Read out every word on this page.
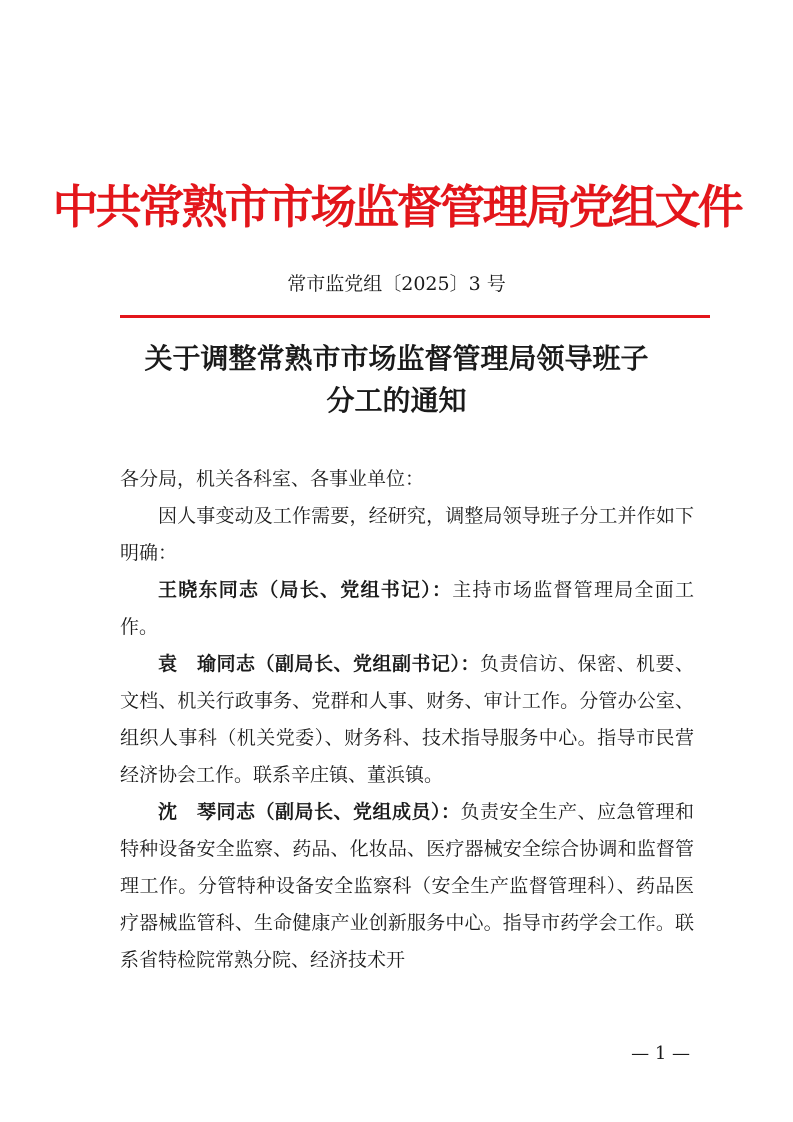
中共常熟市市场监督管理局党组文件
常市监党组〔2025〕3 号
关于调整常熟市市场监督管理局领导班子
分工的通知

各分局，机关各科室、各事业单位：

因人事变动及工作需要，经研究，调整局领导班子分工并作如下明确：

王晓东同志（局长、党组书记）：主持市场监督管理局全面工作。

袁　瑜同志（副局长、党组副书记）：负责信访、保密、机要、文档、机关行政事务、党群和人事、财务、审计工作。分管办公室、组织人事科（机关党委）、财务科、技术指导服务中心。指导市民营经济协会工作。联系辛庄镇、董浜镇。

沈　琴同志（副局长、党组成员）：负责安全生产、应急管理和特种设备安全监察、药品、化妆品、医疗器械安全综合协调和监督管理工作。分管特种设备安全监察科（安全生产监督管理科）、药品医疗器械监管科、生命健康产业创新服务中心。指导市药学会工作。联系省特检院常熟分院、经济技术开

— 1 —
